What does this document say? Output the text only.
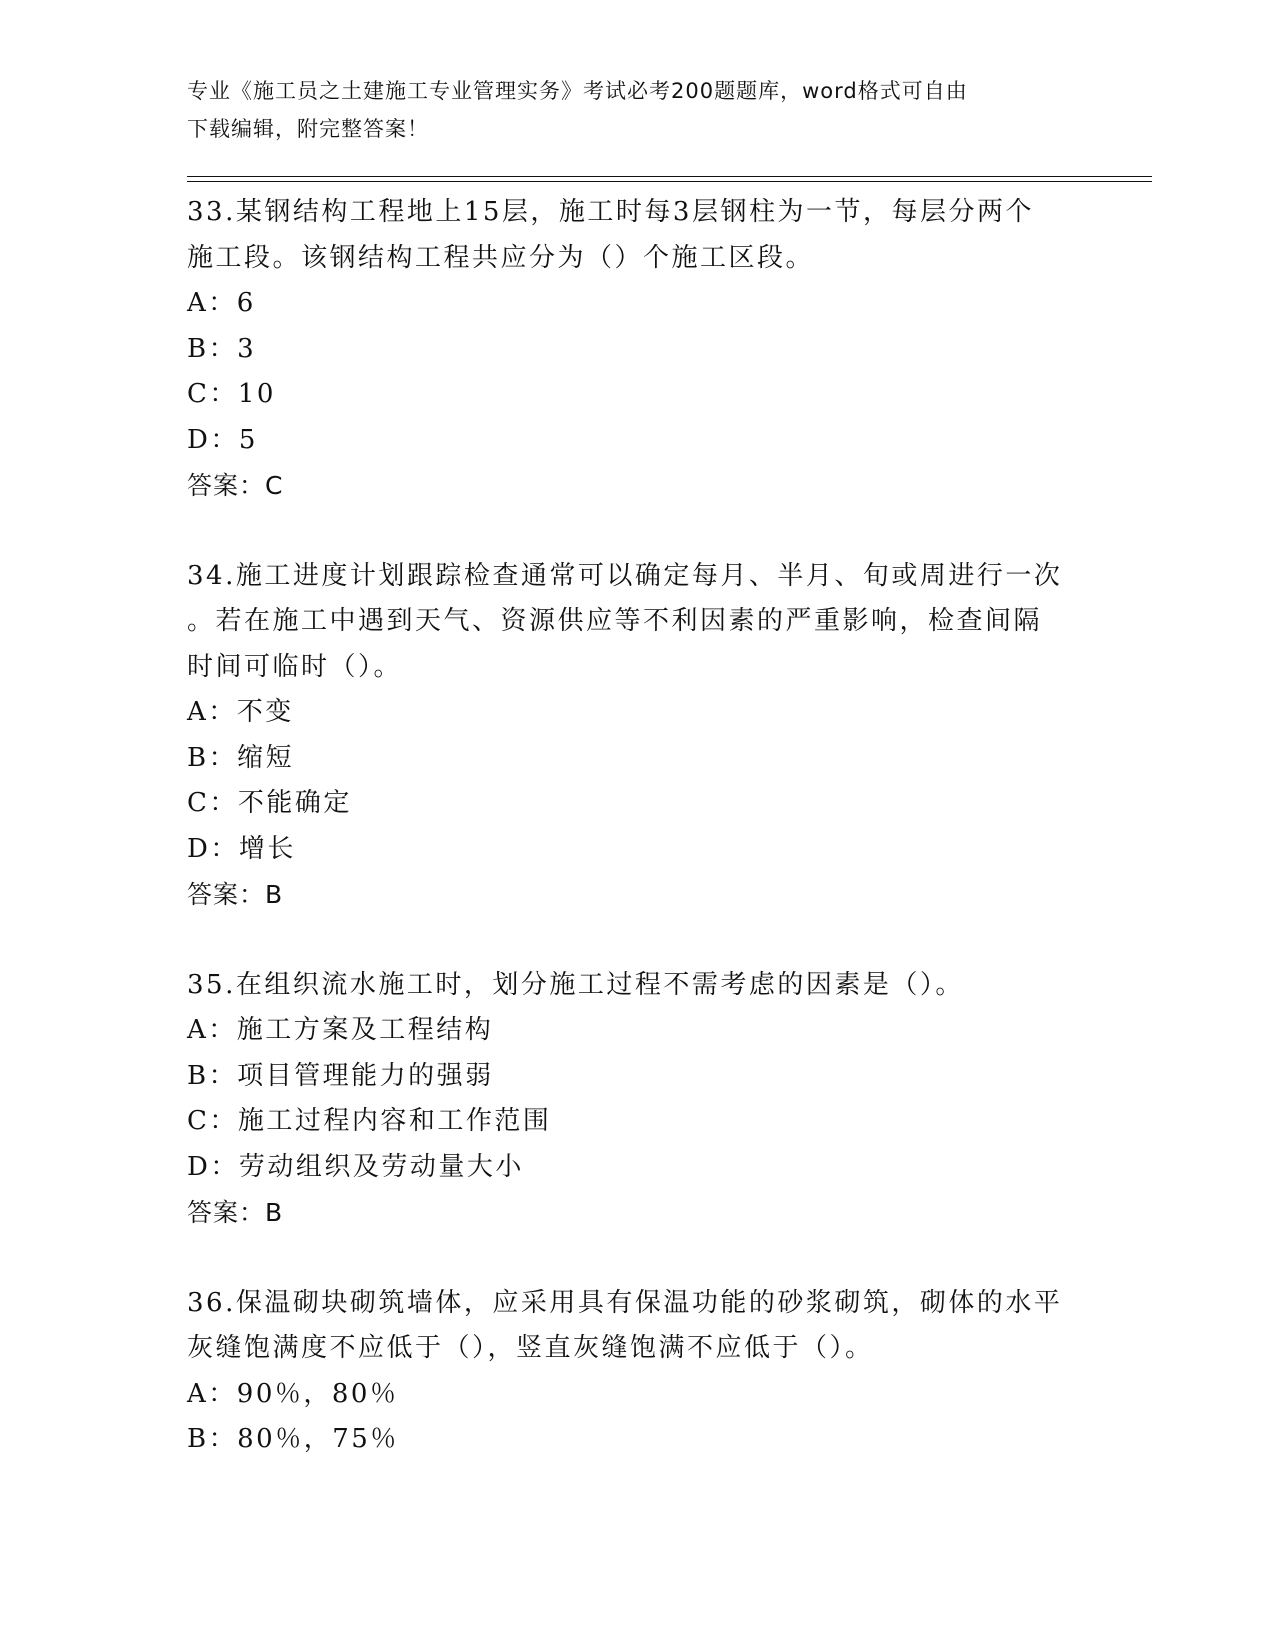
专业《施工员之土建施工专业管理实务》考试必考200题题库，word格式可自由
下载编辑，附完整答案！
33.某钢结构工程地上15层，施工时每3层钢柱为一节，每层分两个
施工段。该钢结构工程共应分为（）个施工区段。
A：6
B：3
C：10
D：5
答案：C
34.施工进度计划跟踪检查通常可以确定每月、半月、旬或周进行一次
。若在施工中遇到天气、资源供应等不利因素的严重影响，检查间隔
时间可临时（）。
A：不变
B：缩短
C：不能确定
D：增长
答案：B
35.在组织流水施工时，划分施工过程不需考虑的因素是（）。
A：施工方案及工程结构
B：项目管理能力的强弱
C：施工过程内容和工作范围
D：劳动组织及劳动量大小
答案：B
36.保温砌块砌筑墙体，应采用具有保温功能的砂浆砌筑，砌体的水平
灰缝饱满度不应低于（），竖直灰缝饱满不应低于（）。
A：90％，80％
B：80％，75％
